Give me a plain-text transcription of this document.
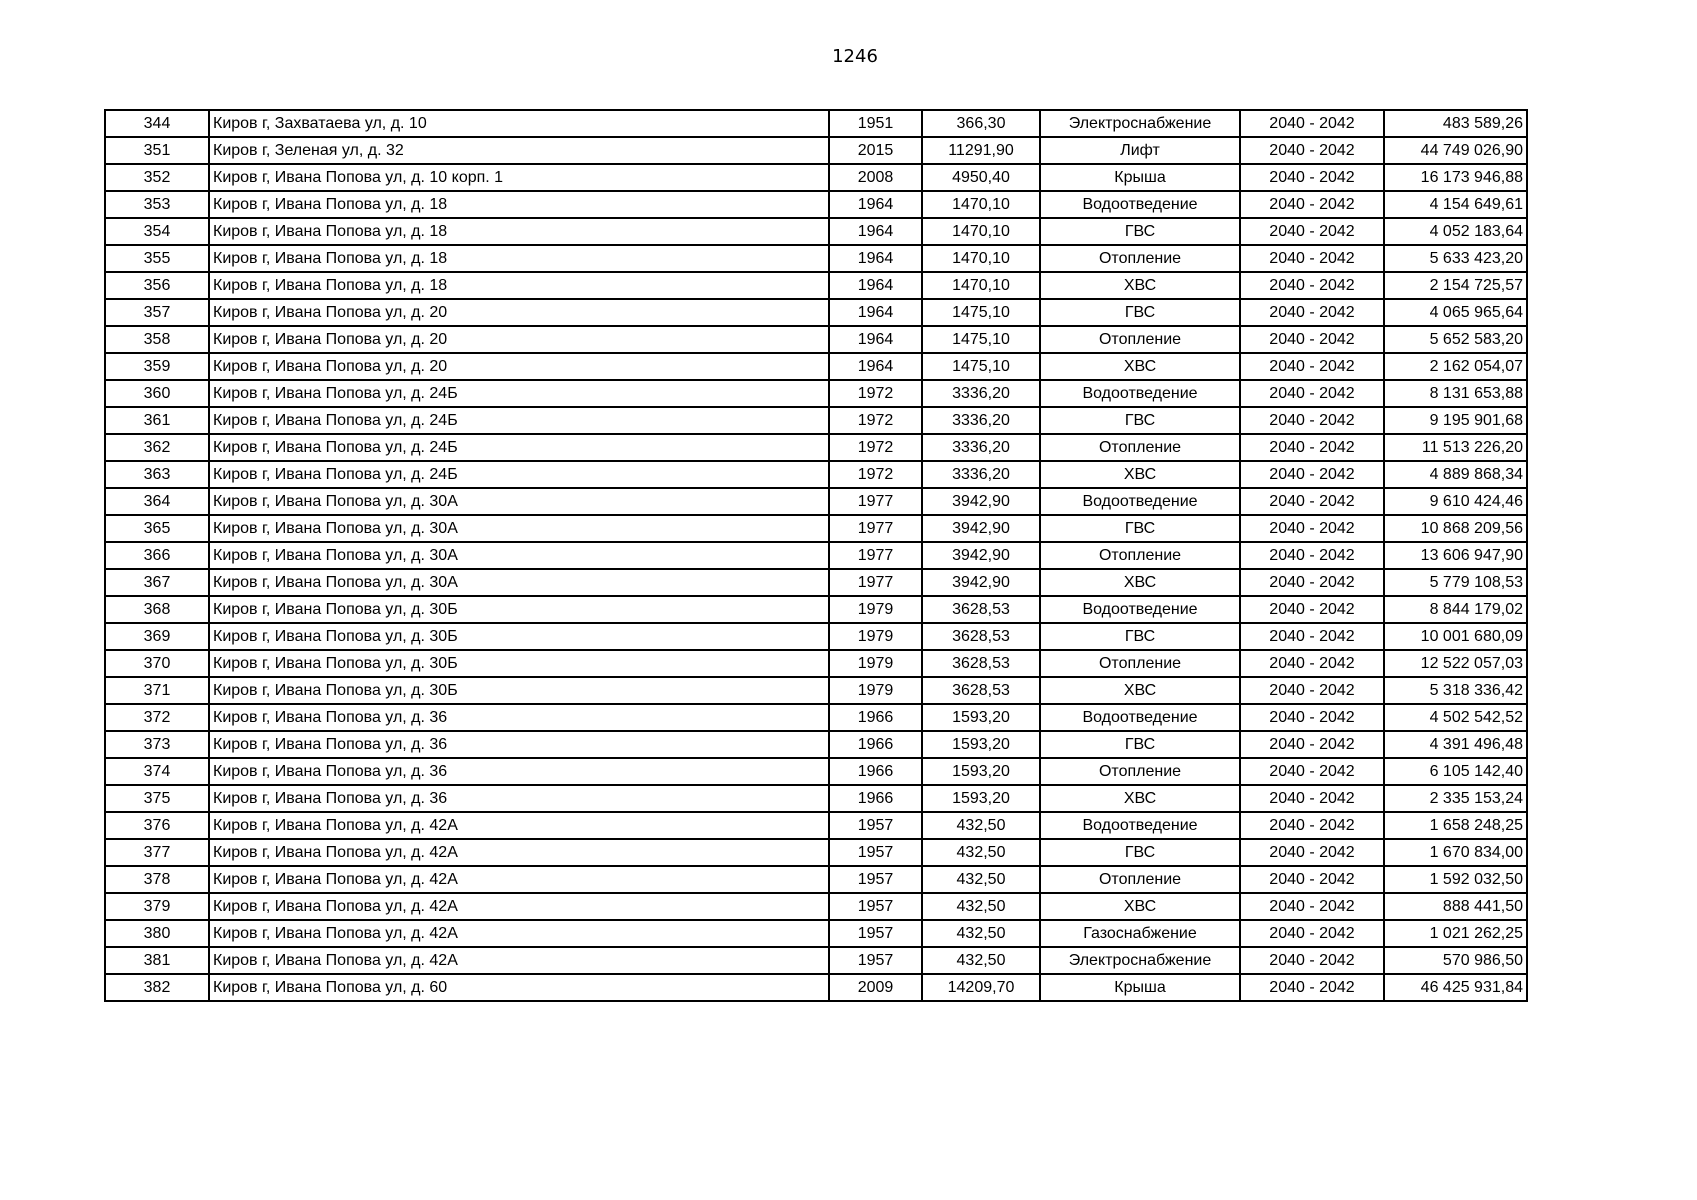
1246
344	Киров г, Захватаева ул, д. 10	1951	366,30	Электроснабжение	2040 - 2042	483 589,26
351	Киров г, Зеленая ул, д. 32	2015	11291,90	Лифт	2040 - 2042	44 749 026,90
352	Киров г, Ивана Попова ул, д. 10 корп. 1	2008	4950,40	Крыша	2040 - 2042	16 173 946,88
353	Киров г, Ивана Попова ул, д. 18	1964	1470,10	Водоотведение	2040 - 2042	4 154 649,61
354	Киров г, Ивана Попова ул, д. 18	1964	1470,10	ГВС	2040 - 2042	4 052 183,64
355	Киров г, Ивана Попова ул, д. 18	1964	1470,10	Отопление	2040 - 2042	5 633 423,20
356	Киров г, Ивана Попова ул, д. 18	1964	1470,10	ХВС	2040 - 2042	2 154 725,57
357	Киров г, Ивана Попова ул, д. 20	1964	1475,10	ГВС	2040 - 2042	4 065 965,64
358	Киров г, Ивана Попова ул, д. 20	1964	1475,10	Отопление	2040 - 2042	5 652 583,20
359	Киров г, Ивана Попова ул, д. 20	1964	1475,10	ХВС	2040 - 2042	2 162 054,07
360	Киров г, Ивана Попова ул, д. 24Б	1972	3336,20	Водоотведение	2040 - 2042	8 131 653,88
361	Киров г, Ивана Попова ул, д. 24Б	1972	3336,20	ГВС	2040 - 2042	9 195 901,68
362	Киров г, Ивана Попова ул, д. 24Б	1972	3336,20	Отопление	2040 - 2042	11 513 226,20
363	Киров г, Ивана Попова ул, д. 24Б	1972	3336,20	ХВС	2040 - 2042	4 889 868,34
364	Киров г, Ивана Попова ул, д. 30А	1977	3942,90	Водоотведение	2040 - 2042	9 610 424,46
365	Киров г, Ивана Попова ул, д. 30А	1977	3942,90	ГВС	2040 - 2042	10 868 209,56
366	Киров г, Ивана Попова ул, д. 30А	1977	3942,90	Отопление	2040 - 2042	13 606 947,90
367	Киров г, Ивана Попова ул, д. 30А	1977	3942,90	ХВС	2040 - 2042	5 779 108,53
368	Киров г, Ивана Попова ул, д. 30Б	1979	3628,53	Водоотведение	2040 - 2042	8 844 179,02
369	Киров г, Ивана Попова ул, д. 30Б	1979	3628,53	ГВС	2040 - 2042	10 001 680,09
370	Киров г, Ивана Попова ул, д. 30Б	1979	3628,53	Отопление	2040 - 2042	12 522 057,03
371	Киров г, Ивана Попова ул, д. 30Б	1979	3628,53	ХВС	2040 - 2042	5 318 336,42
372	Киров г, Ивана Попова ул, д. 36	1966	1593,20	Водоотведение	2040 - 2042	4 502 542,52
373	Киров г, Ивана Попова ул, д. 36	1966	1593,20	ГВС	2040 - 2042	4 391 496,48
374	Киров г, Ивана Попова ул, д. 36	1966	1593,20	Отопление	2040 - 2042	6 105 142,40
375	Киров г, Ивана Попова ул, д. 36	1966	1593,20	ХВС	2040 - 2042	2 335 153,24
376	Киров г, Ивана Попова ул, д. 42А	1957	432,50	Водоотведение	2040 - 2042	1 658 248,25
377	Киров г, Ивана Попова ул, д. 42А	1957	432,50	ГВС	2040 - 2042	1 670 834,00
378	Киров г, Ивана Попова ул, д. 42А	1957	432,50	Отопление	2040 - 2042	1 592 032,50
379	Киров г, Ивана Попова ул, д. 42А	1957	432,50	ХВС	2040 - 2042	888 441,50
380	Киров г, Ивана Попова ул, д. 42А	1957	432,50	Газоснабжение	2040 - 2042	1 021 262,25
381	Киров г, Ивана Попова ул, д. 42А	1957	432,50	Электроснабжение	2040 - 2042	570 986,50
382	Киров г, Ивана Попова ул, д. 60	2009	14209,70	Крыша	2040 - 2042	46 425 931,84
